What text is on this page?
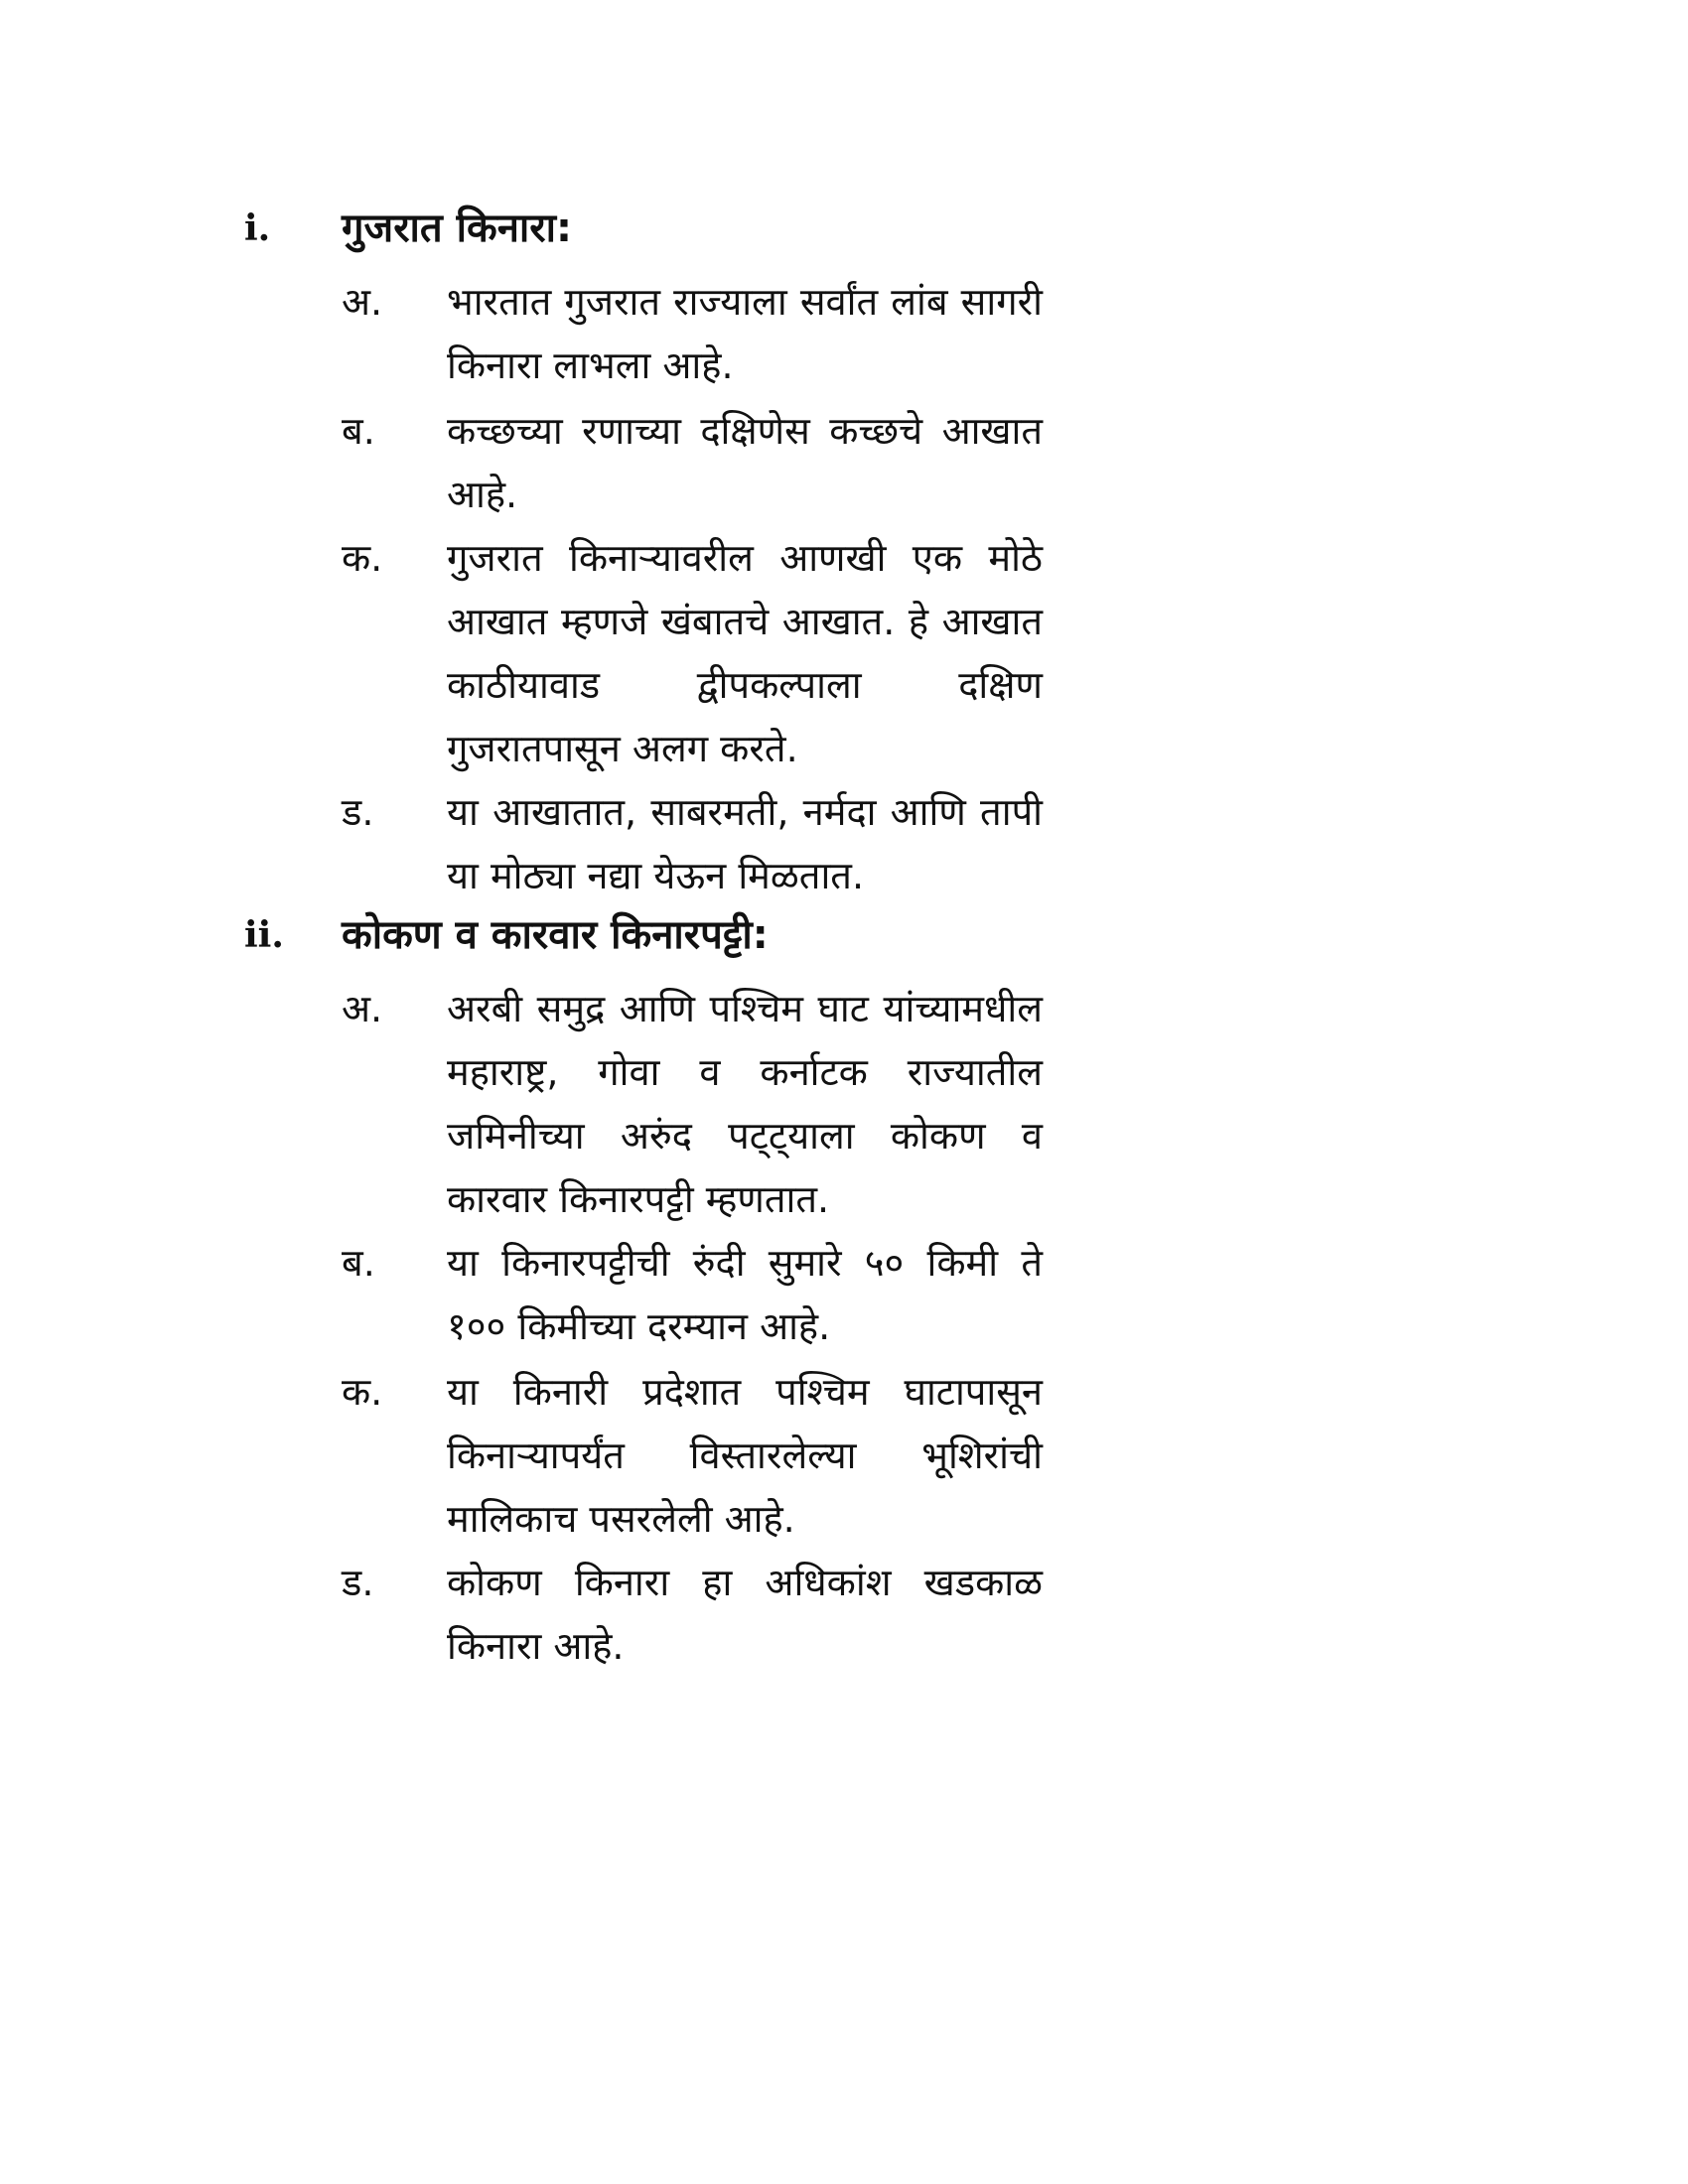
i. गुजरात किनारा:
अ. भारतात गुजरात राज्याला सर्वांत लांब सागरी किनारा लाभला आहे.
ब. कच्छच्या रणाच्या दक्षिणेस कच्छचे आखात आहे.
क. गुजरात किनाऱ्यावरील आणखी एक मोठे आखात म्हणजे खंबातचे आखात. हे आखात काठीयावाड द्वीपकल्पाला दक्षिण गुजरातपासून अलग करते.
ड. या आखातात, साबरमती, नर्मदा आणि तापी या मोठ्या नद्या येऊन मिळतात.
ii. कोकण व कारवार किनारपट्टी:
अ. अरबी समुद्र आणि पश्चिम घाट यांच्यामधील महाराष्ट्र, गोवा व कर्नाटक राज्यातील जमिनीच्या अरुंद पट्ट्याला कोकण व कारवार किनारपट्टी म्हणतात.
ब. या किनारपट्टीची रुंदी सुमारे ५० किमी ते १०० किमीच्या दरम्यान आहे.
क. या किनारी प्रदेशात पश्चिम घाटापासून किनाऱ्यापर्यंत विस्तारलेल्या भूशिरांची मालिकाच पसरलेली आहे.
ड. कोकण किनारा हा अधिकांश खडकाळ किनारा आहे.
